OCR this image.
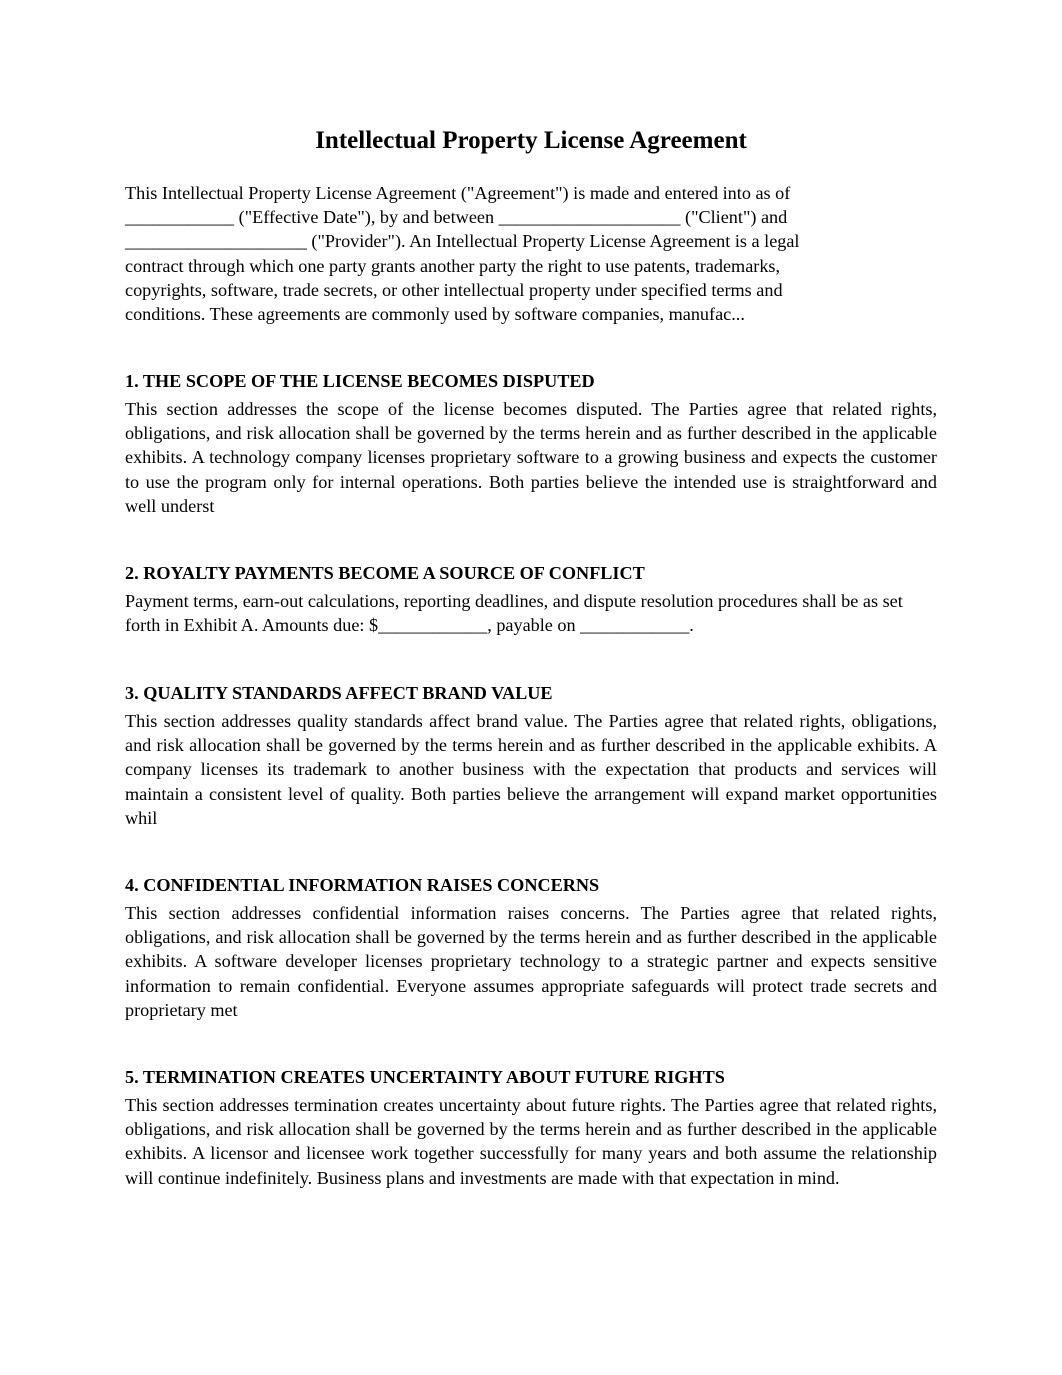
Intellectual Property License Agreement

This Intellectual Property License Agreement ("Agreement") is made and entered into as of
____________ ("Effective Date"), by and between ____________________ ("Client") and
____________________ ("Provider"). An Intellectual Property License Agreement is a legal
contract through which one party grants another party the right to use patents, trademarks,
copyrights, software, trade secrets, or other intellectual property under specified terms and
conditions. These agreements are commonly used by software companies, manufac...

1. THE SCOPE OF THE LICENSE BECOMES DISPUTED

This section addresses the scope of the license becomes disputed. The Parties agree that related rights, obligations, and risk allocation shall be governed by the terms herein and as further described in the applicable exhibits. A technology company licenses proprietary software to a growing business and expects the customer to use the program only for internal operations. Both parties believe the intended use is straightforward and well underst

2. ROYALTY PAYMENTS BECOME A SOURCE OF CONFLICT

Payment terms, earn-out calculations, reporting deadlines, and dispute resolution procedures shall be as set forth in Exhibit A. Amounts due: $____________, payable on ____________.

3. QUALITY STANDARDS AFFECT BRAND VALUE

This section addresses quality standards affect brand value. The Parties agree that related rights, obligations, and risk allocation shall be governed by the terms herein and as further described in the applicable exhibits. A company licenses its trademark to another business with the expectation that products and services will maintain a consistent level of quality. Both parties believe the arrangement will expand market opportunities whil

4. CONFIDENTIAL INFORMATION RAISES CONCERNS

This section addresses confidential information raises concerns. The Parties agree that related rights, obligations, and risk allocation shall be governed by the terms herein and as further described in the applicable exhibits. A software developer licenses proprietary technology to a strategic partner and expects sensitive information to remain confidential. Everyone assumes appropriate safeguards will protect trade secrets and proprietary met

5. TERMINATION CREATES UNCERTAINTY ABOUT FUTURE RIGHTS

This section addresses termination creates uncertainty about future rights. The Parties agree that related rights, obligations, and risk allocation shall be governed by the terms herein and as further described in the applicable exhibits. A licensor and licensee work together successfully for many years and both assume the relationship will continue indefinitely. Business plans and investments are made with that expectation in mind.
